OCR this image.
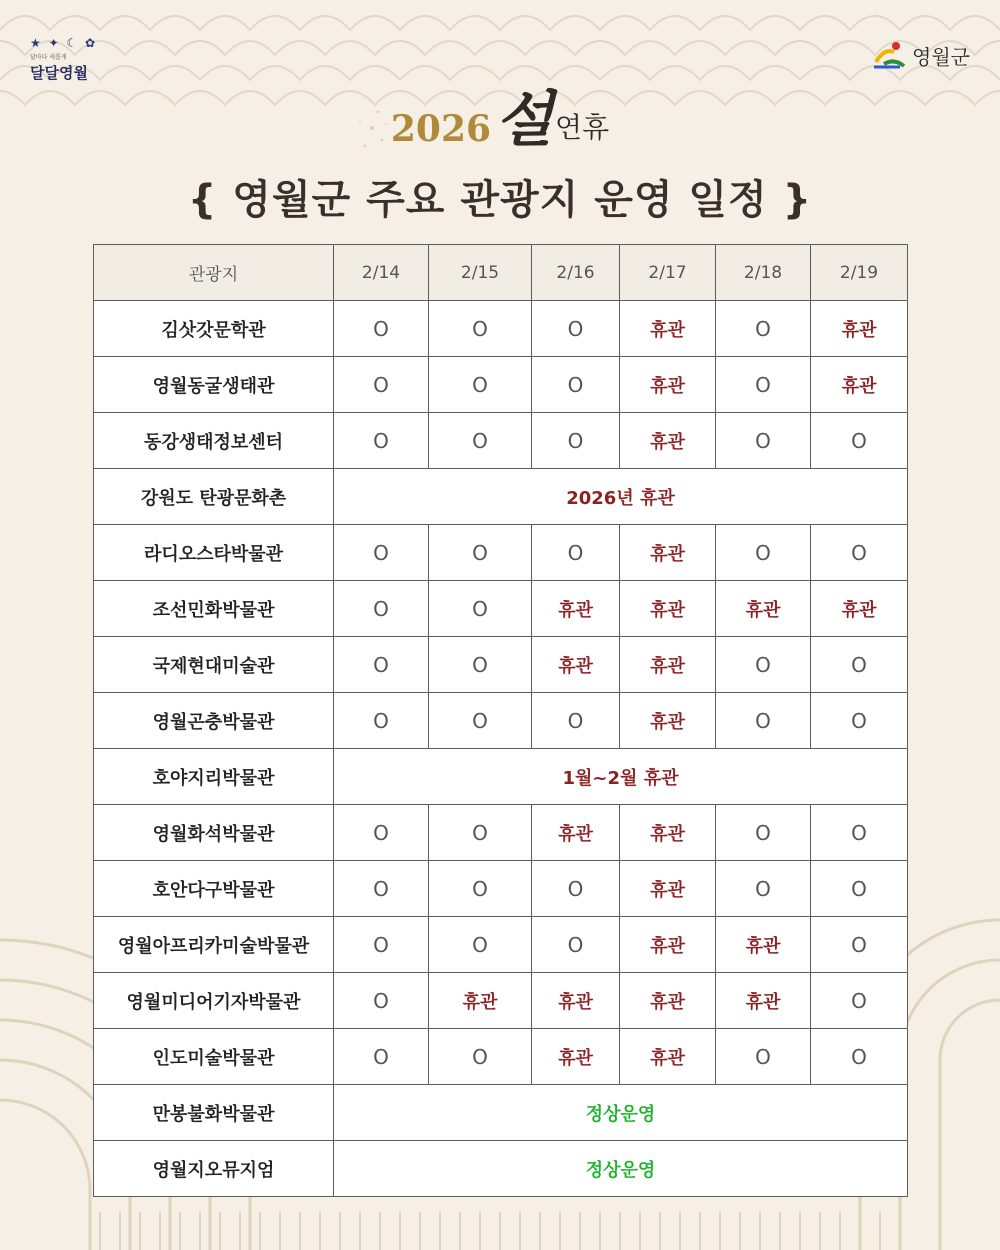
★ ✦ ☾ ✿
달마다 새롭게
달달영월
영월군
2026 설 연휴
{ 영월군 주요 관광지 운영 일정 }
관광지	2/14	2/15	2/16	2/17	2/18	2/19
김삿갓문학관	O	O	O	휴관	O	휴관
영월동굴생태관	O	O	O	휴관	O	휴관
동강생태정보센터	O	O	O	휴관	O	O
강원도 탄광문화촌	2026년 휴관					
라디오스타박물관	O	O	O	휴관	O	O
조선민화박물관	O	O	휴관	휴관	휴관	휴관
국제현대미술관	O	O	휴관	휴관	O	O
영월곤충박물관	O	O	O	휴관	O	O
호야지리박물관	1월~2월 휴관					
영월화석박물관	O	O	휴관	휴관	O	O
호안다구박물관	O	O	O	휴관	O	O
영월아프리카미술박물관	O	O	O	휴관	휴관	O
영월미디어기자박물관	O	휴관	휴관	휴관	휴관	O
인도미술박물관	O	O	휴관	휴관	O	O
만봉불화박물관	정상운영					
영월지오뮤지엄	정상운영					
